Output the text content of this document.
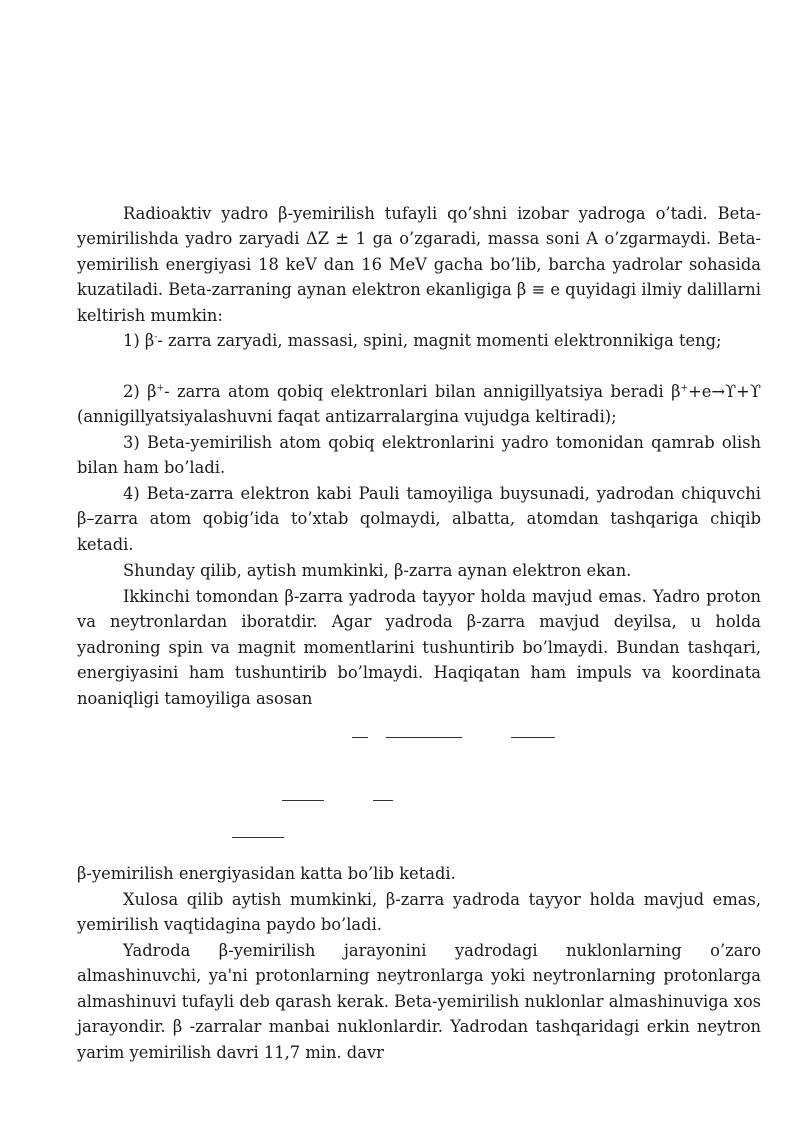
Radioaktiv yadro β-yemirilish tufayli qo’shni izobar yadroga o’tadi. Beta-yemirilishda yadro zaryadi ΔZ ± 1 ga o’zgaradi, massa soni A o’zgarmaydi. Beta-yemirilish energiyasi 18 keV dan 16 MeV gacha bo’lib, barcha yadrolar sohasida kuzatiladi. Beta-zarraning aynan elektron ekanligiga β ≡ e quyidagi ilmiy dalillarni keltirish mumkin:

1) β-- zarra zaryadi, massasi, spini, magnit momenti elektronnikiga teng;

2) β+- zarra atom qobiq elektronlari bilan annigillyatsiya beradi β++e→ϒ+ϒ (annigillyatsiyalashuvni faqat antizarralargina vujudga keltiradi);

3) Beta-yemirilish atom qobiq elektronlarini yadro tomonidan qamrab olish bilan ham bo’ladi.

4) Beta-zarra elektron kabi Pauli tamoyiliga buysunadi, yadrodan chiquvchi β–zarra atom qobig’ida to’xtab qolmaydi, albatta, atomdan tashqariga chiqib ketadi.

Shunday qilib, aytish mumkinki, β-zarra aynan elektron ekan.

Ikkinchi tomondan β-zarra yadroda tayyor holda mavjud emas. Yadro proton va neytronlardan iboratdir. Agar yadroda β-zarra mavjud deyilsa, u holda yadroning spin va magnit momentlarini tushuntirib bo’lmaydi. Bundan tashqari, energiyasini ham tushuntirib bo’lmaydi. Haqiqatan ham impuls va koordinata noaniqligi tamoyiliga asosan

β-yemirilish energiyasidan katta bo’lib ketadi.

Xulosa qilib aytish mumkinki, β-zarra yadroda tayyor holda mavjud emas, yemirilish vaqtidagina paydo bo’ladi.

Yadroda β-yemirilish jarayonini yadrodagi nuklonlarning o’zaro almashinuvchi, ya'ni protonlarning neytronlarga yoki neytronlarning protonlarga almashinuvi tufayli deb qarash kerak. Beta-yemirilish nuklonlar almashinuviga xos jarayondir. β -zarralar manbai nuklonlardir. Yadrodan tashqaridagi erkin neytron yarim yemirilish davri 11,7 min. davr
